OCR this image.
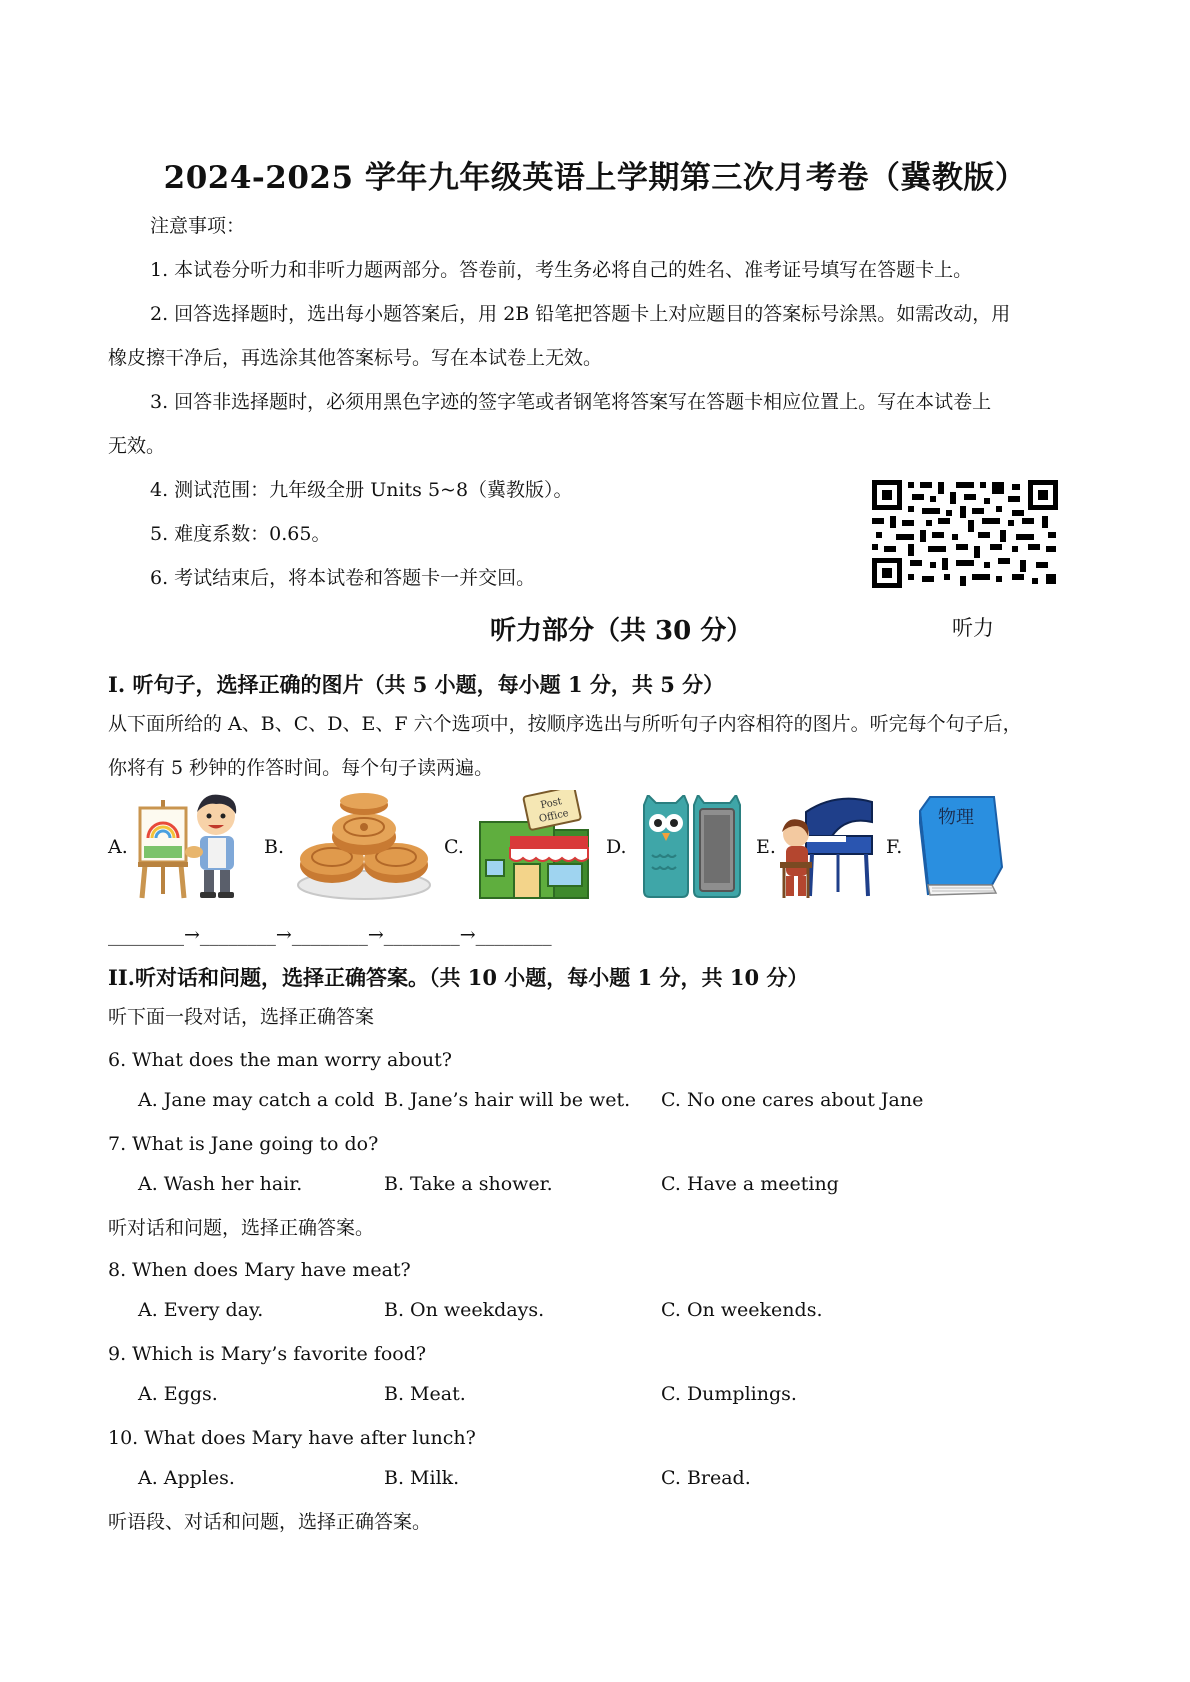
2024-2025 学年九年级英语上学期第三次月考卷（冀教版）
注意事项：
1. 本试卷分听力和非听力题两部分。答卷前，考生务必将自己的姓名、准考证号填写在答题卡上。
2. 回答选择题时，选出每小题答案后，用 2B 铅笔把答题卡上对应题目的答案标号涂黑。如需改动，用
橡皮擦干净后，再选涂其他答案标号。写在本试卷上无效。
3. 回答非选择题时，必须用黑色字迹的签字笔或者钢笔将答案写在答题卡相应位置上。写在本试卷上
无效。
4. 测试范围：九年级全册 Units 5~8（冀教版）。
5. 难度系数：0.65。
6. 考试结束后，将本试卷和答题卡一并交回。
听力
听力部分（共 30 分）
I. 听句子，选择正确的图片（共 5 小题，每小题 1 分，共 5 分）
从下面所给的 A、B、C、D、E、F 六个选项中，按顺序选出与所听句子内容相符的图片。听完每个句子后，
你将有 5 秒钟的作答时间。每个句子读两遍。
A.	B.	C.	D.	E.	F.
Post
Office	物理
________→________→________→________→________
II.听对话和问题，选择正确答案。（共 10 小题，每小题 1 分，共 10 分）
听下面一段对话，选择正确答案
6. What does the man worry about?
A. Jane may catch a cold B. Jane’s hair will be wet. C. No one cares about Jane
7. What is Jane going to do?
A. Wash her hair.	B. Take a shower.	C. Have a meeting
听对话和问题，选择正确答案。
8. When does Mary have meat?
A. Every day.	B. On weekdays.	C. On weekends.
9. Which is Mary’s favorite food?
A. Eggs.	B. Meat.	C. Dumplings.
10. What does Mary have after lunch?
A. Apples.	B. Milk.	C. Bread.
听语段、对话和问题，选择正确答案。
